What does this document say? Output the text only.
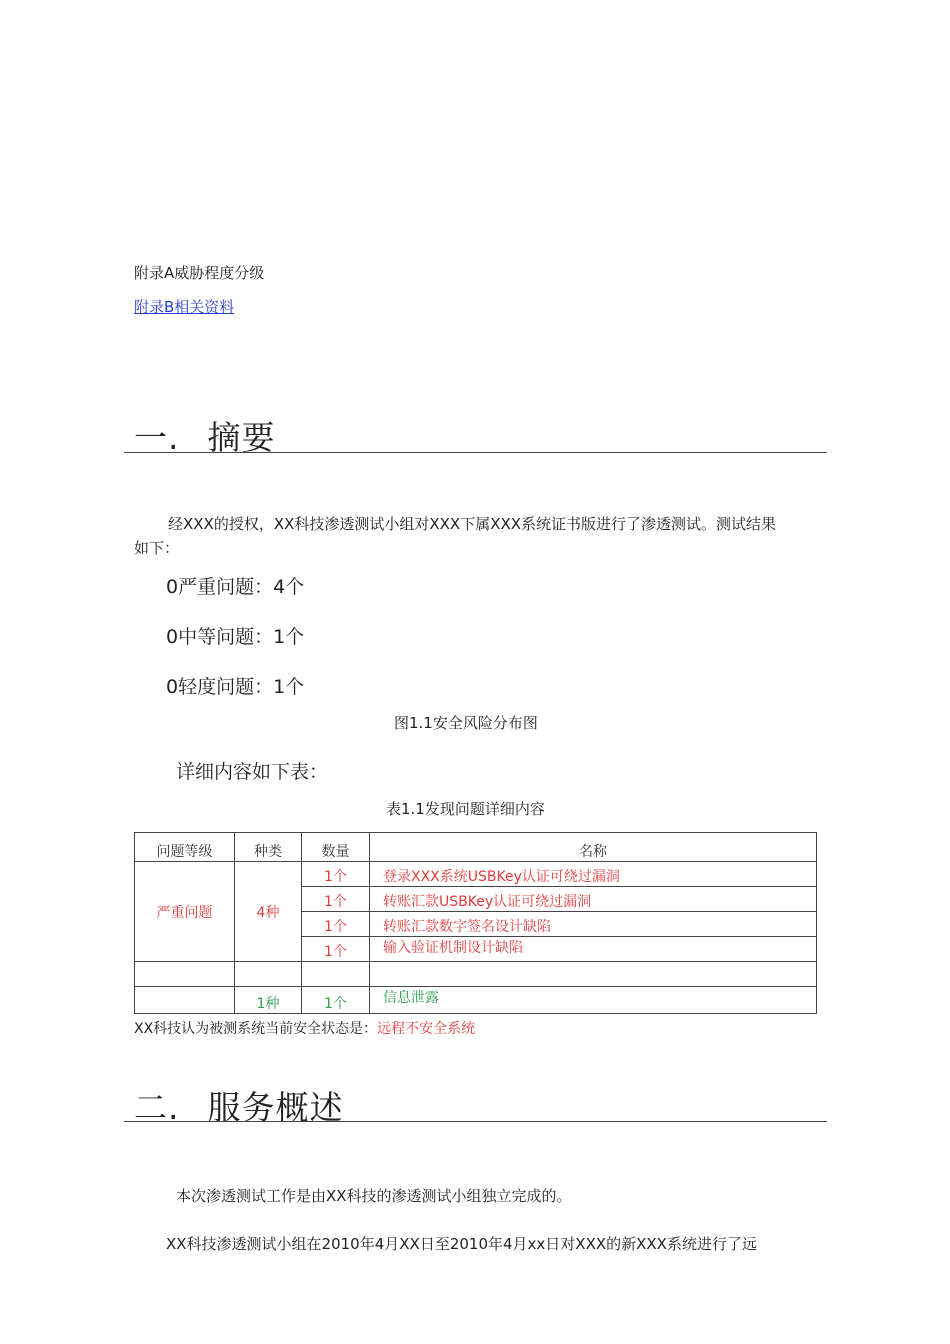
附录A威胁程度分级
附录B相关资料
一. 摘要
经XXX的授权，XX科技渗透测试小组对XXX下属XXX系统证书版进行了渗透测试。测试结果
如下：
0严重问题：4个
0中等问题：1个
0轻度问题：1个
图1.1安全风险分布图
详细内容如下表：
表1.1发现问题详细内容
问题等级	种类	数量	名称
严重问题	4种	1个	登录XXX系统USBKey认证可绕过漏洞
		1个	转账汇款USBKey认证可绕过漏洞
		1个	转账汇款数字签名设计缺陷
		1个	输入验证机制设计缺陷

	1种	1个	信息泄露
XX科技认为被测系统当前安全状态是：远程不安全系统
二. 服务概述
本次渗透测试工作是由XX科技的渗透测试小组独立完成的。
XX科技渗透测试小组在2010年4月XX日至2010年4月xx日对XXX的新XXX系统进行了远
